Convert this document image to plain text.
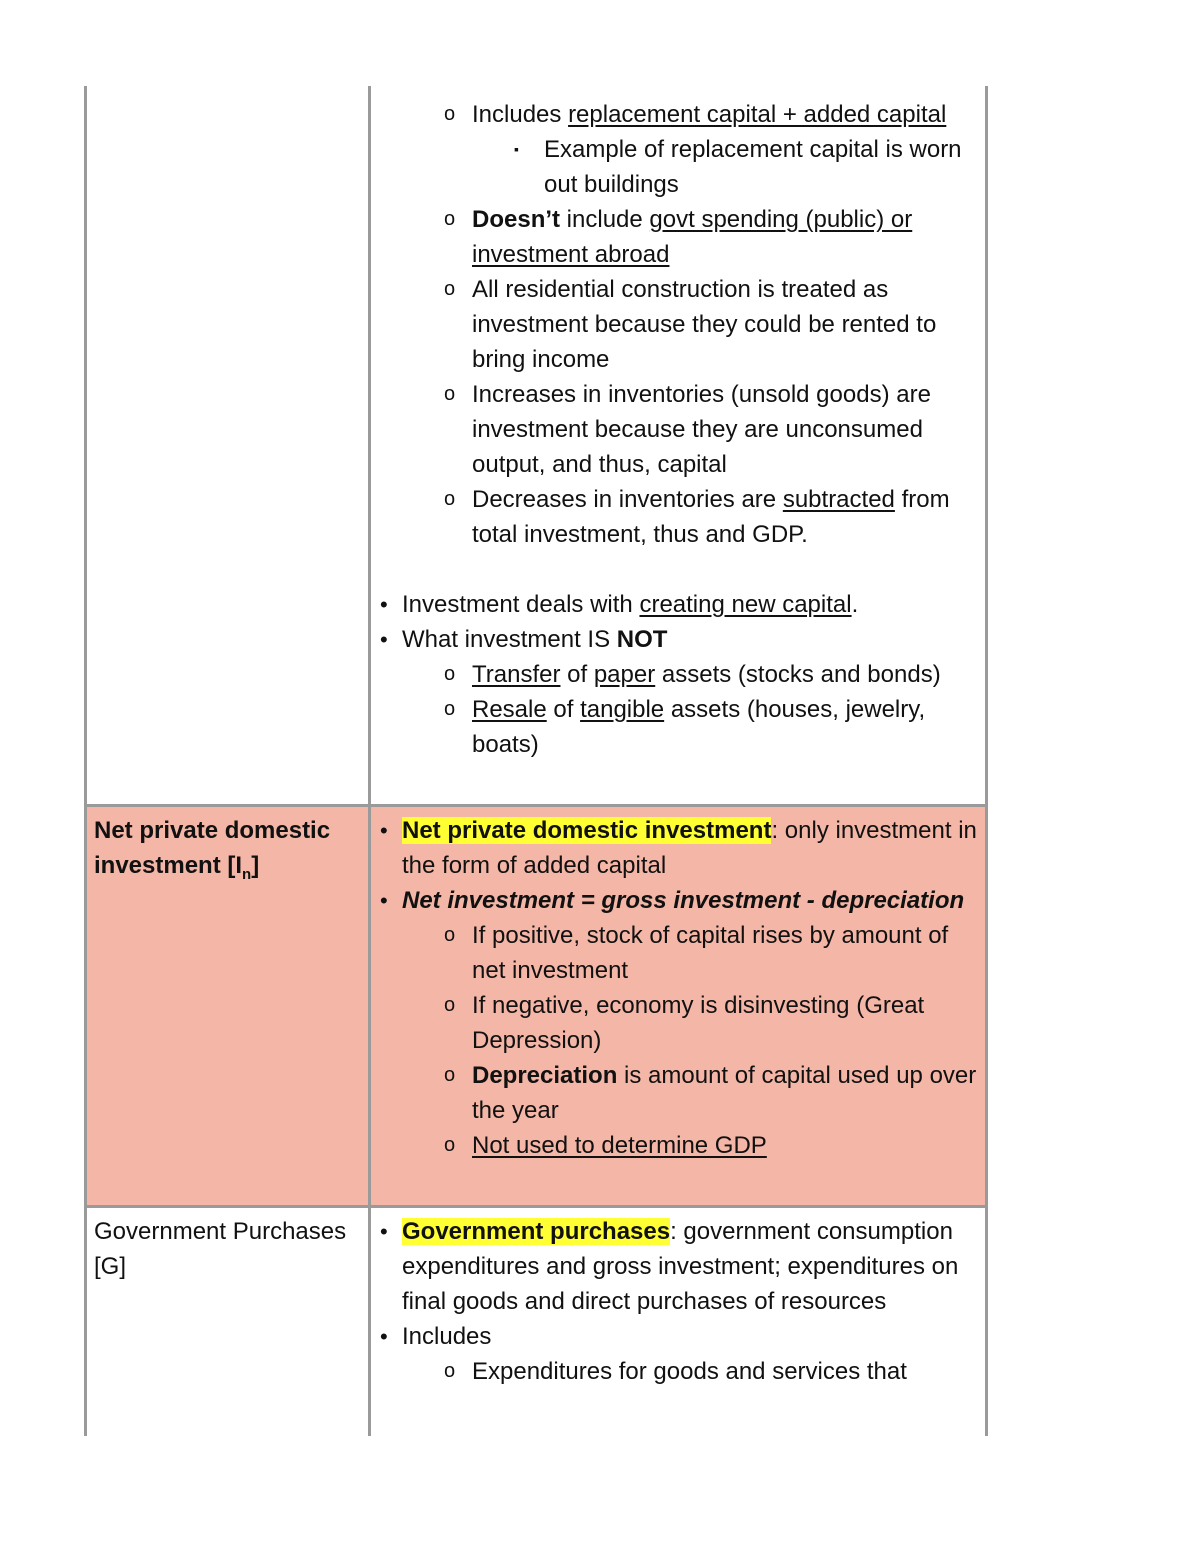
o Includes replacement capital + added capital
▪ Example of replacement capital is worn out buildings
o Doesn’t include govt spending (public) or investment abroad
o All residential construction is treated as investment because they could be rented to bring income
o Increases in inventories (unsold goods) are investment because they are unconsumed output, and thus, capital
o Decreases in inventories are subtracted from total investment, thus and GDP.
• Investment deals with creating new capital.
• What investment IS NOT
o Transfer of paper assets (stocks and bonds)
o Resale of tangible assets (houses, jewelry, boats)
Net private domestic investment $[I_n]$
• Net private domestic investment: only investment in the form of added capital
• Net investment = gross investment - depreciation
o If positive, stock of capital rises by amount of net investment
o If negative, economy is disinvesting (Great Depression)
o Depreciation is amount of capital used up over the year
o Not used to determine GDP
Government Purchases [G]
• Government purchases: government consumption expenditures and gross investment; expenditures on final goods and direct purchases of resources
• Includes
o Expenditures for goods and services that
